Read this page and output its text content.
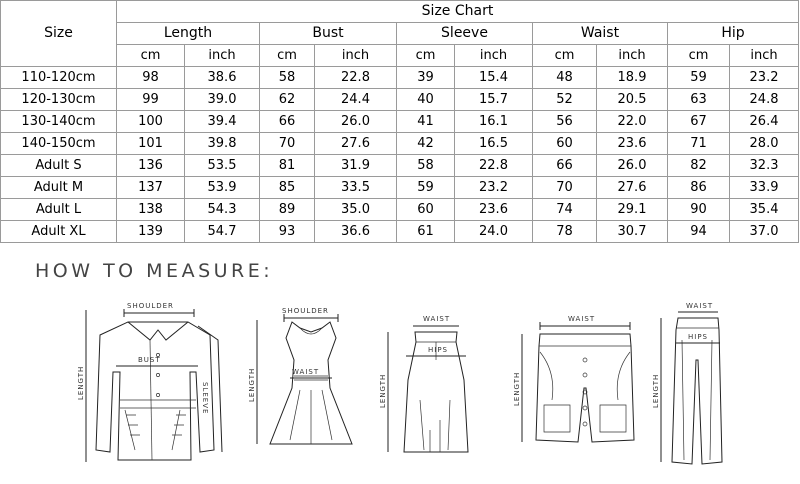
Size	Size Chart									
	Length		Bust		Sleeve		Waist		Hip	
	cm	inch	cm	inch	cm	inch	cm	inch	cm	inch
110-120cm	98	38.6	58	22.8	39	15.4	48	18.9	59	23.2
120-130cm	99	39.0	62	24.4	40	15.7	52	20.5	63	24.8
130-140cm	100	39.4	66	26.0	41	16.1	56	22.0	67	26.4
140-150cm	101	39.8	70	27.6	42	16.5	60	23.6	71	28.0
Adult S	136	53.5	81	31.9	58	22.8	66	26.0	82	32.3
Adult M	137	53.9	85	33.5	59	23.2	70	27.6	86	33.9
Adult L	138	54.3	89	35.0	60	23.6	74	29.1	90	35.4
Adult XL	139	54.7	93	36.6	61	24.0	78	30.7	94	37.0
HOW TO MEASURE:
SHOULDER
BUST
LENGTH	SLEEVE
SHOULDER
WAIST
LENGTH
WAIST
HIPS
LENGTH
WAIST
LENGTH
WAIST
HIPS
LENGTH
